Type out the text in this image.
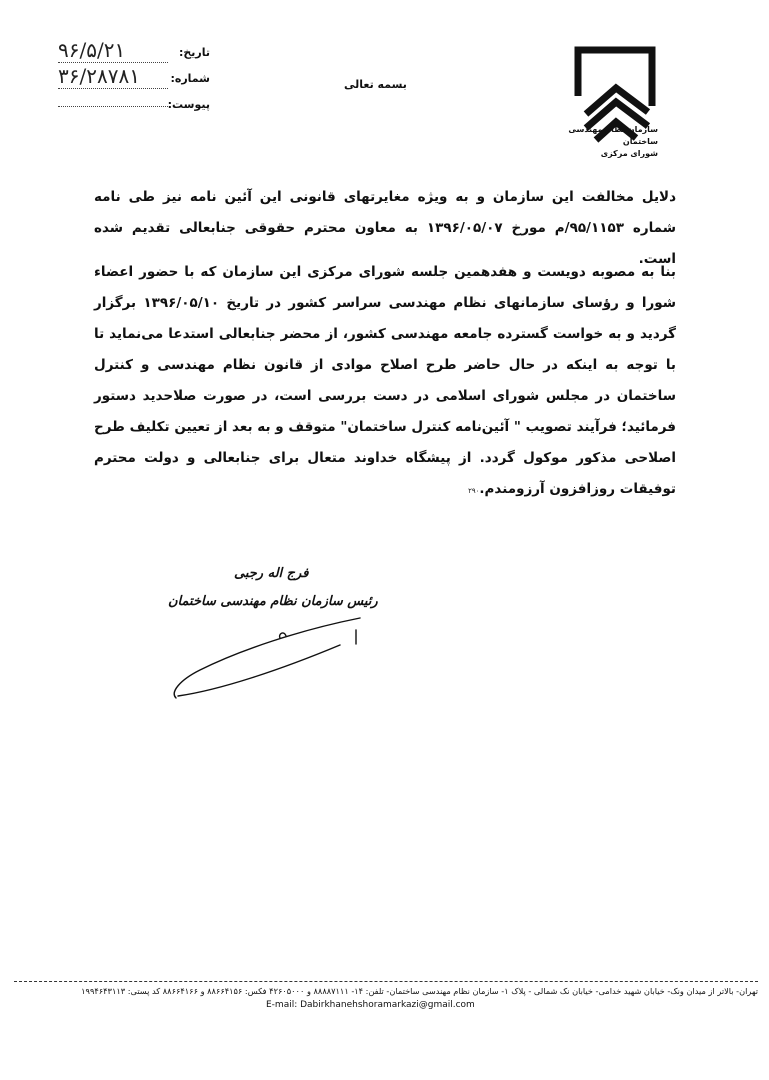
تاریخ:
۹۶/۵/۲۱
شماره:
۳۶/۲۸۷۸۱
پیوست:
بسمه تعالی
سازمان نظام مهندسی ساختمان
شورای مرکزی
دلایل مخالفت این سازمان و به ویژه مغایرتهای قانونی این آئین نامه نیز طی نامه شماره ۹۵/۱۱۵۳/م مورخ ۱۳۹۶/۰۵/۰۷ به معاون محترم حقوقی جنابعالی تقدیم شده است.
بنا به مصوبه دویست و هفدهمین جلسه شورای مرکزی این سازمان که با حضور اعضاء شورا و رؤسای سازمانهای نظام مهندسی سراسر کشور در تاریخ ۱۳۹۶/۰۵/۱۰ برگزار گردید و به خواست گسترده جامعه مهندسی کشور، از محضر جنابعالی استدعا می‌نماید تا با توجه به اینکه در حال حاضر طرح اصلاح موادی از قانون نظام مهندسی و کنترل ساختمان در مجلس شورای اسلامی در دست بررسی است، در صورت صلاحدید دستور فرمائید؛ فرآیند تصویب " آئین‌نامه کنترل ساختمان" متوقف و به بعد از تعیین تکلیف طرح اصلاحی مذکور موکول گردد. از پیشگاه خداوند متعال برای جنابعالی و دولت محترم توفیقات روزافزون آرزومندم.۲۹۰
فرج اله رجبی
رئیس سازمان نظام مهندسی ساختمان
تهران- بالاتر از میدان ونک- خیابان شهید خدامی- خیابان نک شمالی - پلاک ۱- سازمان نظام مهندسی ساختمان- تلفن: ۱۴- ۸۸۸۸۷۱۱۱ و ۴۲۶۰۵۰۰۰ فکس: ۸۸۶۶۴۱۵۶ و ۸۸۶۶۴۱۶۶ کد پستی: ۱۹۹۴۶۴۳۱۱۳
E-mail: Dabirkhanehshoramarkazi@gmail.com
